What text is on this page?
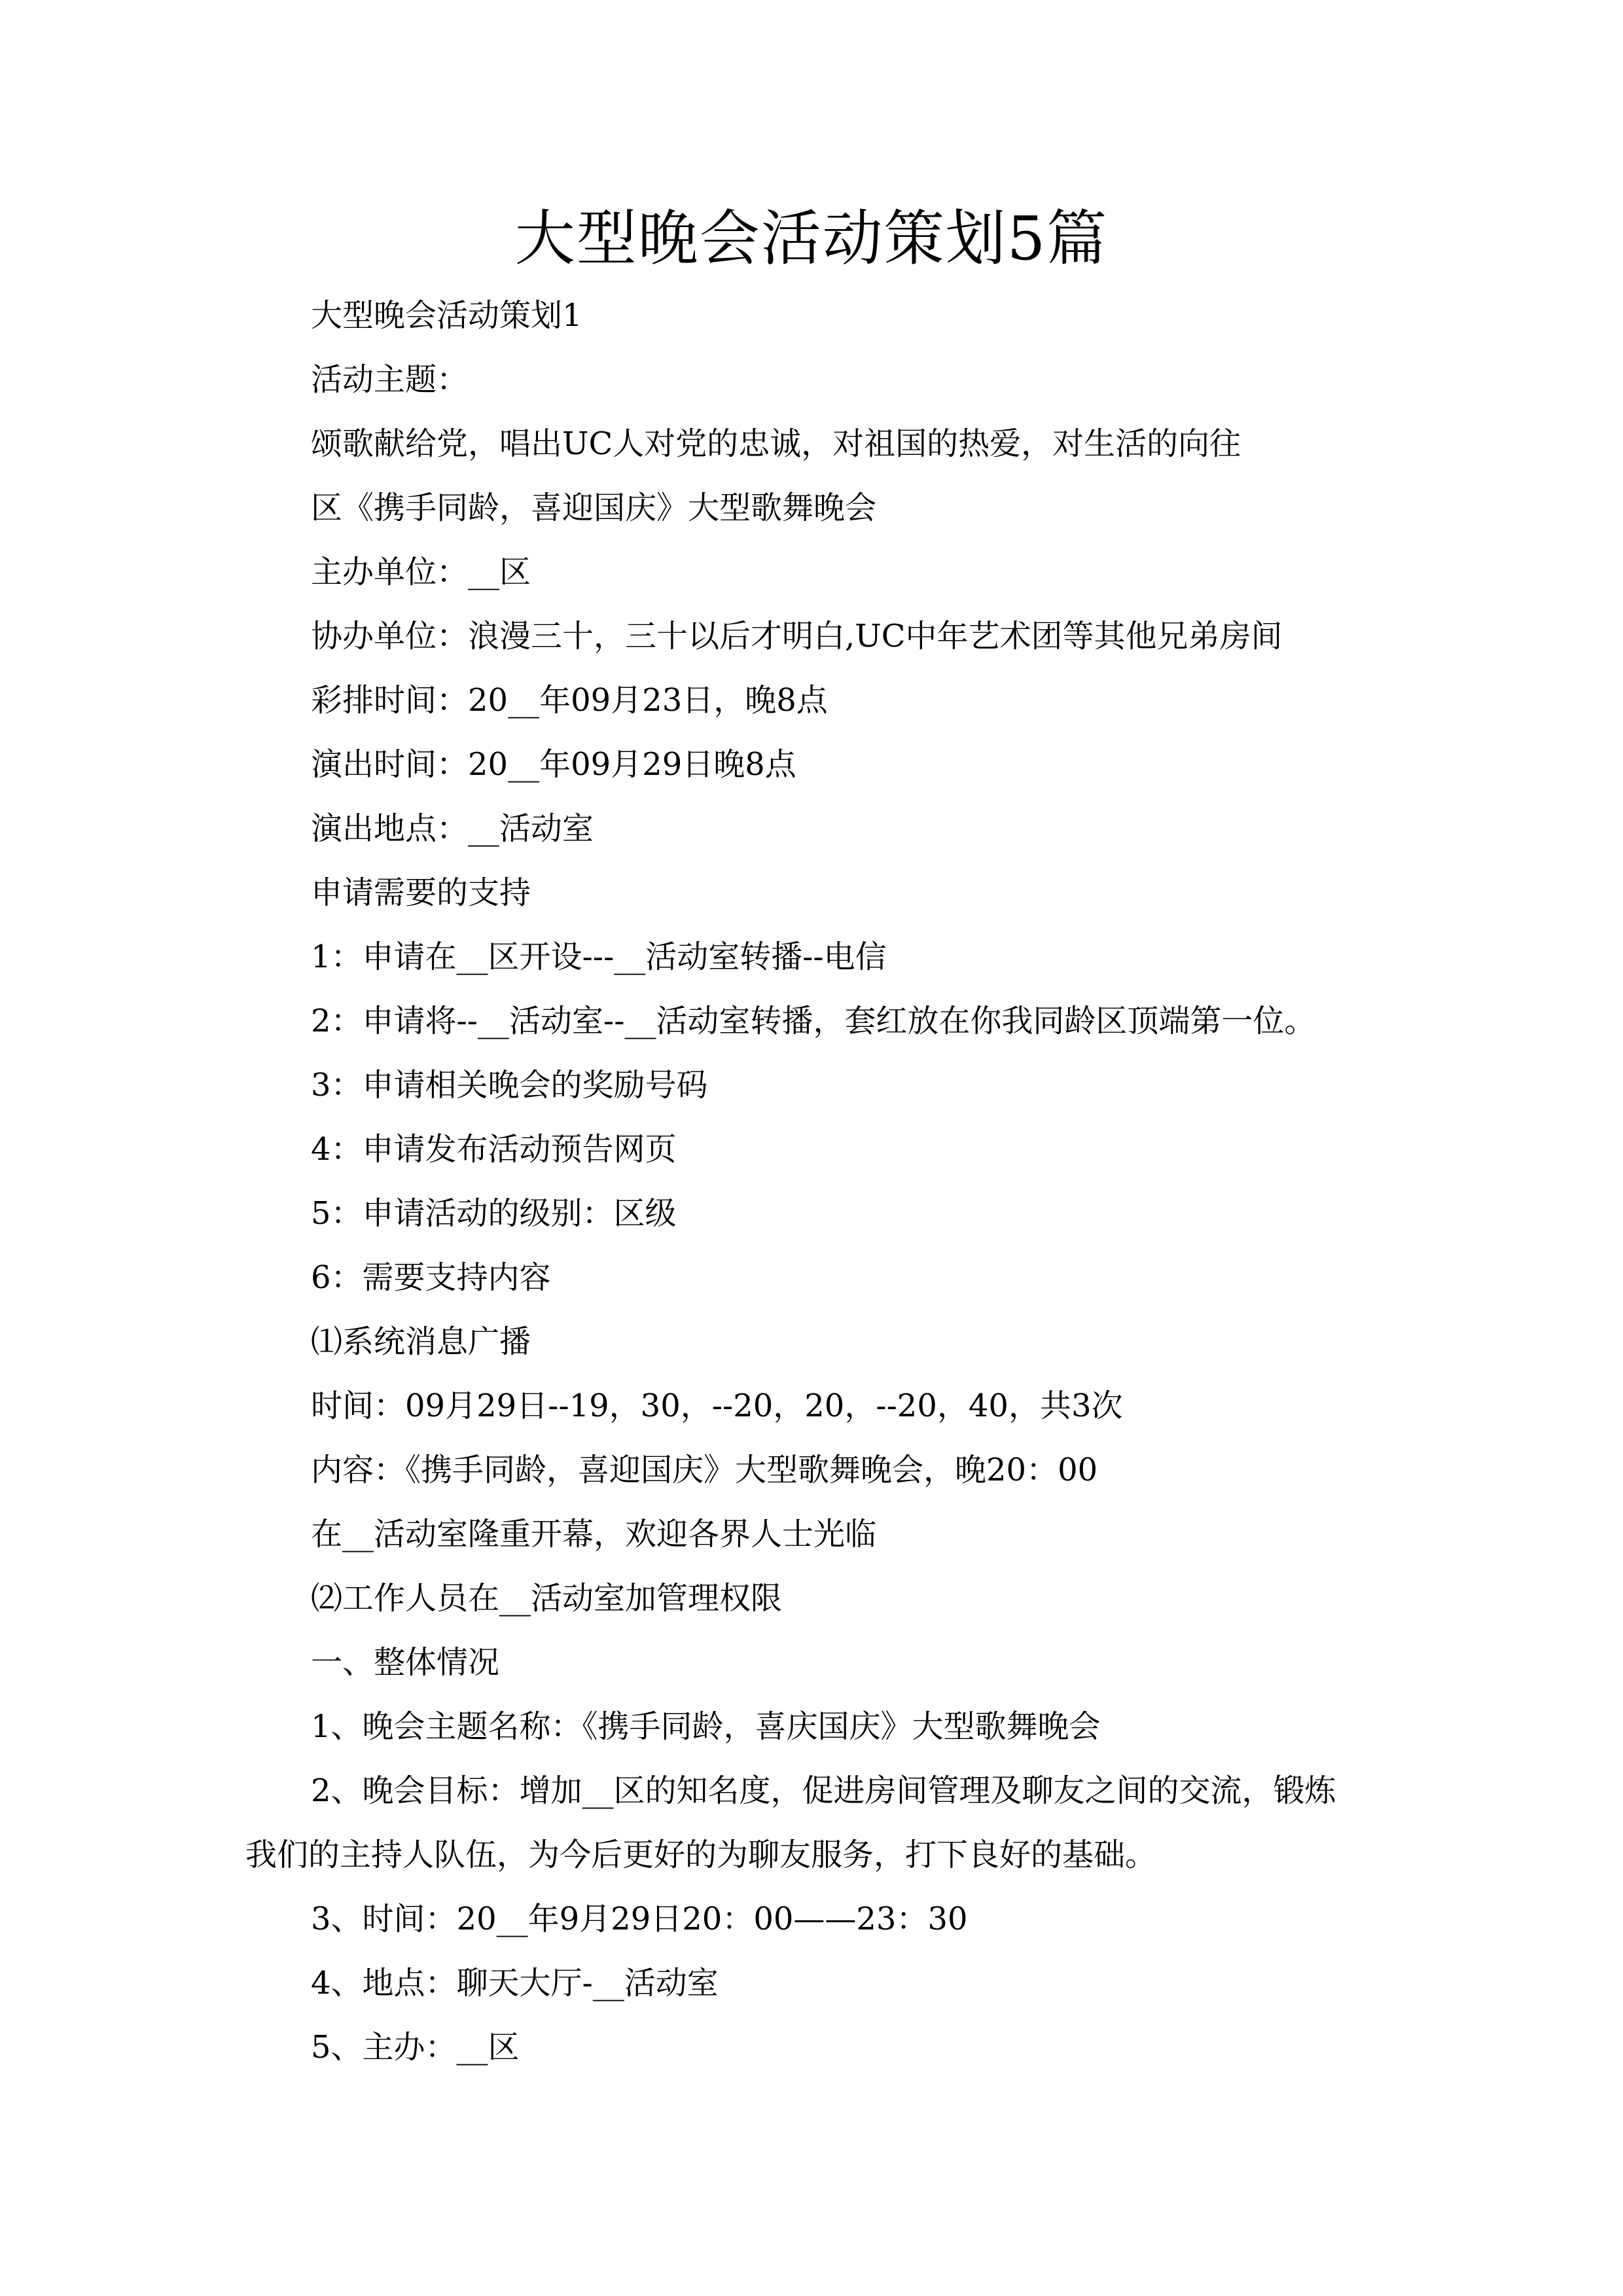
大型晚会活动策划5篇

大型晚会活动策划1

活动主题：

颂歌献给党，唱出UC人对党的忠诚，对祖国的热爱，对生活的向往

区《携手同龄，喜迎国庆》大型歌舞晚会

主办单位：__区

协办单位：浪漫三十，三十以后才明白,UC中年艺术团等其他兄弟房间

彩排时间：20__年09月23日，晚8点

演出时间：20__年09月29日晚8点

演出地点：__活动室

申请需要的支持

1：申请在__区开设---__活动室转播--电信

2：申请将--__活动室--__活动室转播，套红放在你我同龄区顶端第一位。

3：申请相关晚会的奖励号码

4：申请发布活动预告网页

5：申请活动的级别：区级

6：需要支持内容

⑴系统消息广播

时间：09月29日--19，30，--20，20，--20，40，共3次

内容：《携手同龄，喜迎国庆》大型歌舞晚会，晚20：00

在__活动室隆重开幕，欢迎各界人士光临

⑵工作人员在__活动室加管理权限

一、整体情况

1、晚会主题名称：《携手同龄，喜庆国庆》大型歌舞晚会

2、晚会目标：增加__区的知名度，促进房间管理及聊友之间的交流，锻炼

我们的主持人队伍，为今后更好的为聊友服务，打下良好的基础。

3、时间：20__年9月29日20：00——23：30

4、地点：聊天大厅-__活动室

5、主办：__区
